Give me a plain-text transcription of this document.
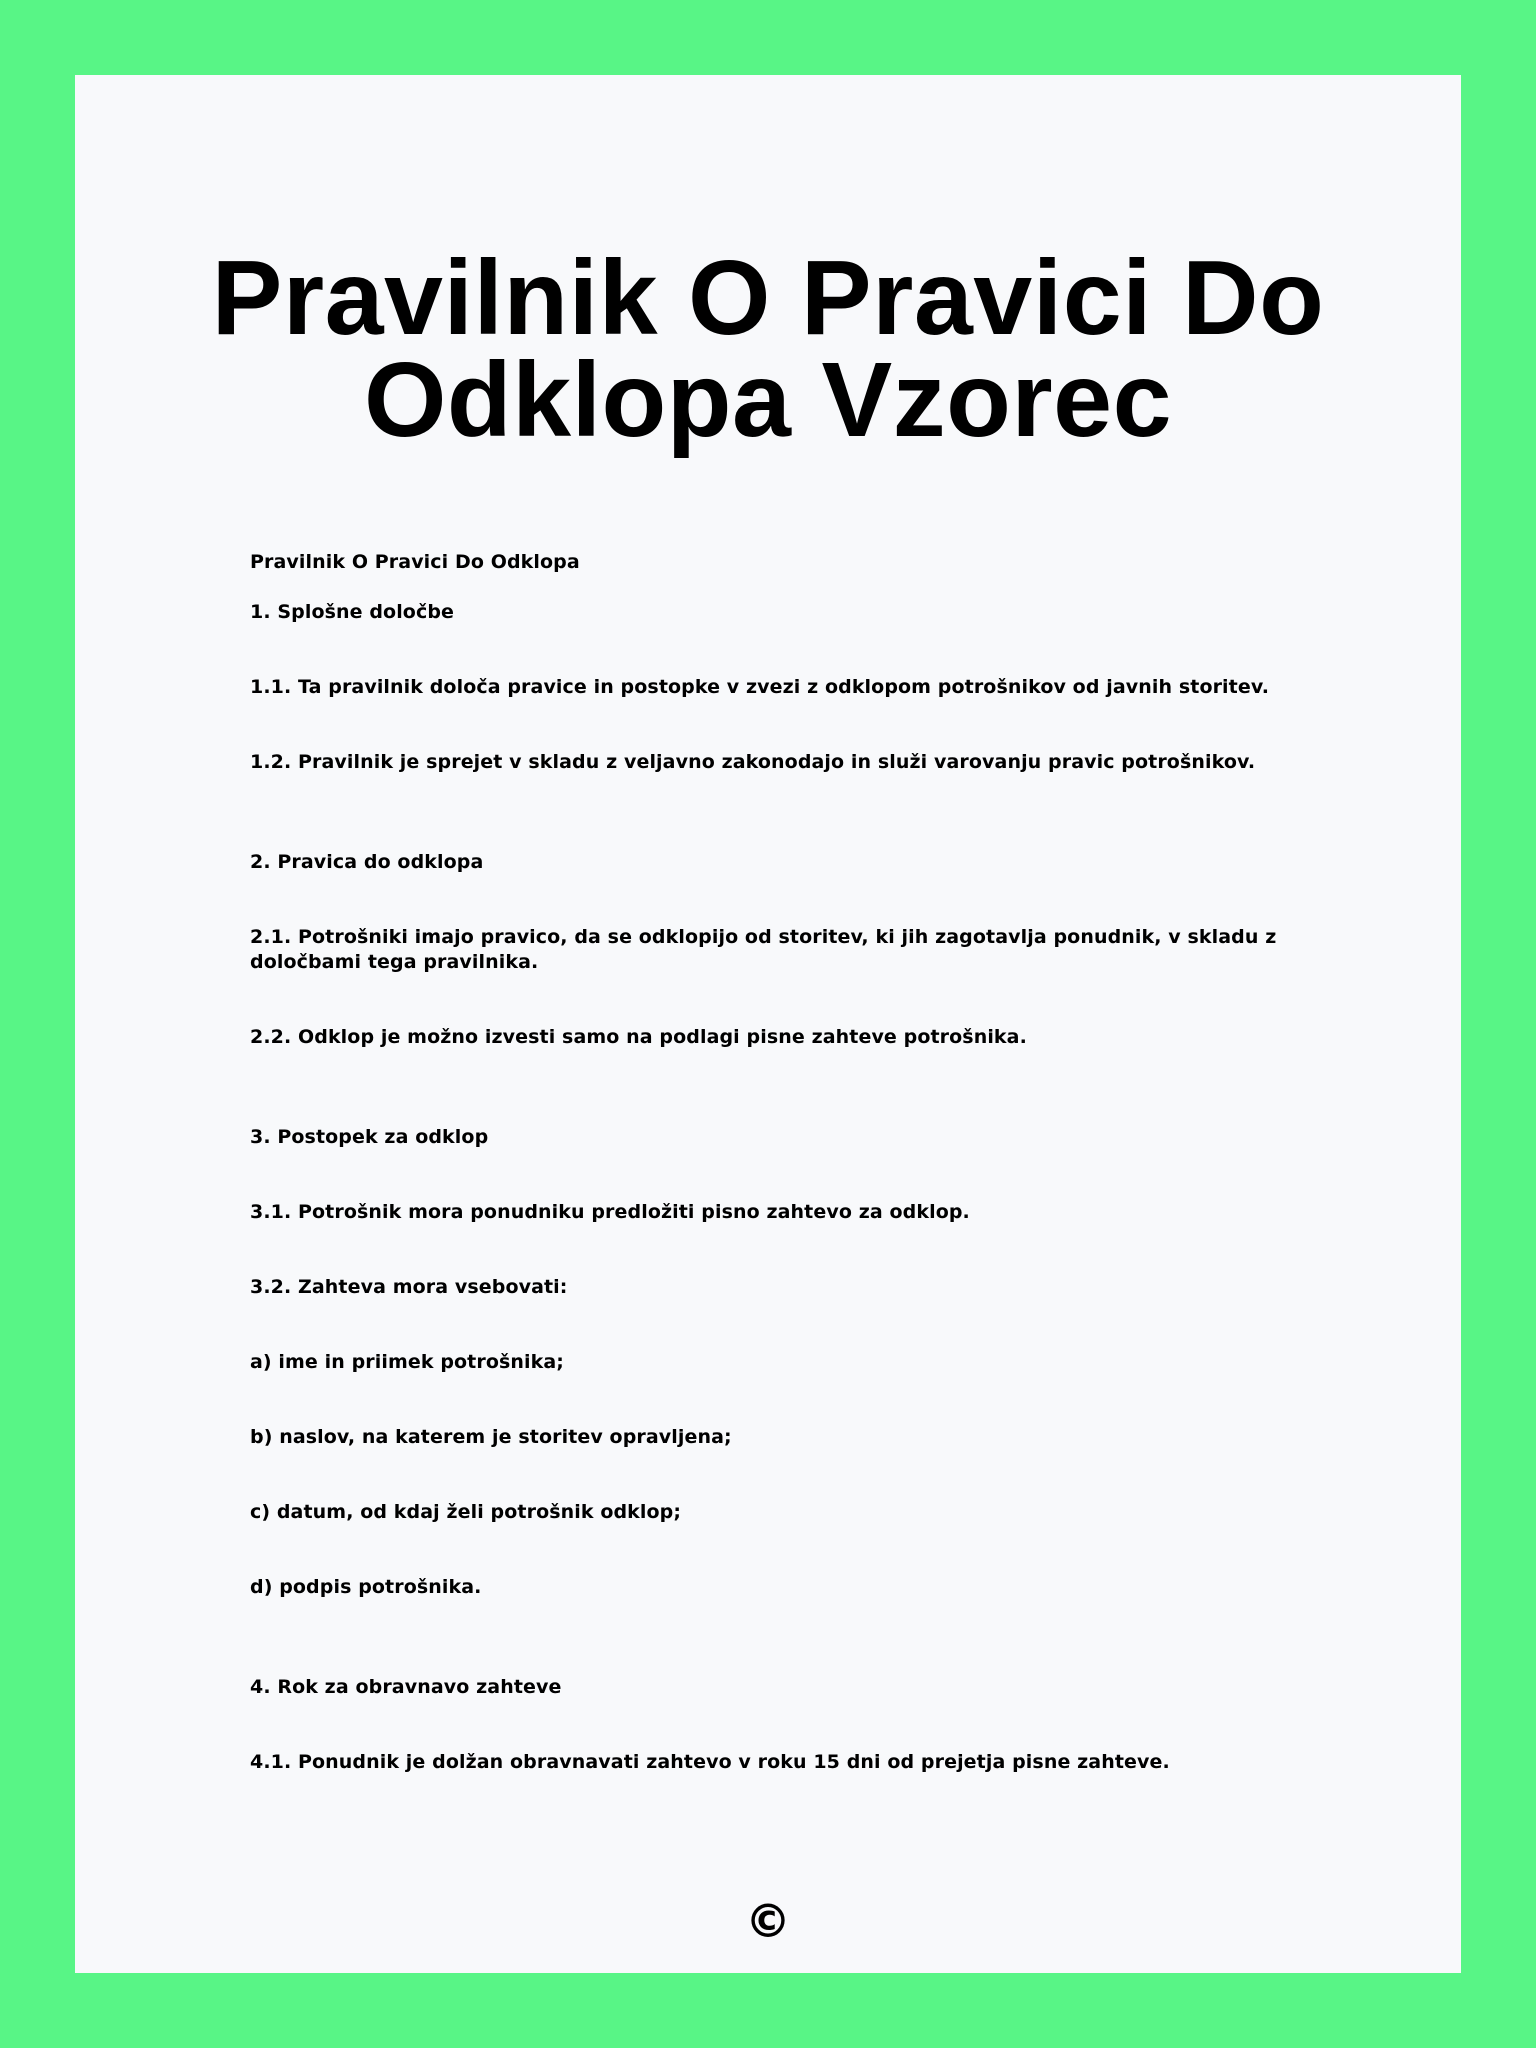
Pravilnik O Pravici Do
Odklopa Vzorec

Pravilnik O Pravici Do Odklopa

1. Splošne določbe

1.1. Ta pravilnik določa pravice in postopke v zvezi z odklopom potrošnikov od javnih storitev.

1.2. Pravilnik je sprejet v skladu z veljavno zakonodajo in služi varovanju pravic potrošnikov.

2. Pravica do odklopa

2.1. Potrošniki imajo pravico, da se odklopijo od storitev, ki jih zagotavlja ponudnik, v skladu z določbami tega pravilnika.

2.2. Odklop je možno izvesti samo na podlagi pisne zahteve potrošnika.

3. Postopek za odklop

3.1. Potrošnik mora ponudniku predložiti pisno zahtevo za odklop.

3.2. Zahteva mora vsebovati:

a) ime in priimek potrošnika;

b) naslov, na katerem je storitev opravljena;

c) datum, od kdaj želi potrošnik odklop;

d) podpis potrošnika.

4. Rok za obravnavo zahteve

4.1. Ponudnik je dolžan obravnavati zahtevo v roku 15 dni od prejetja pisne zahteve.

©
